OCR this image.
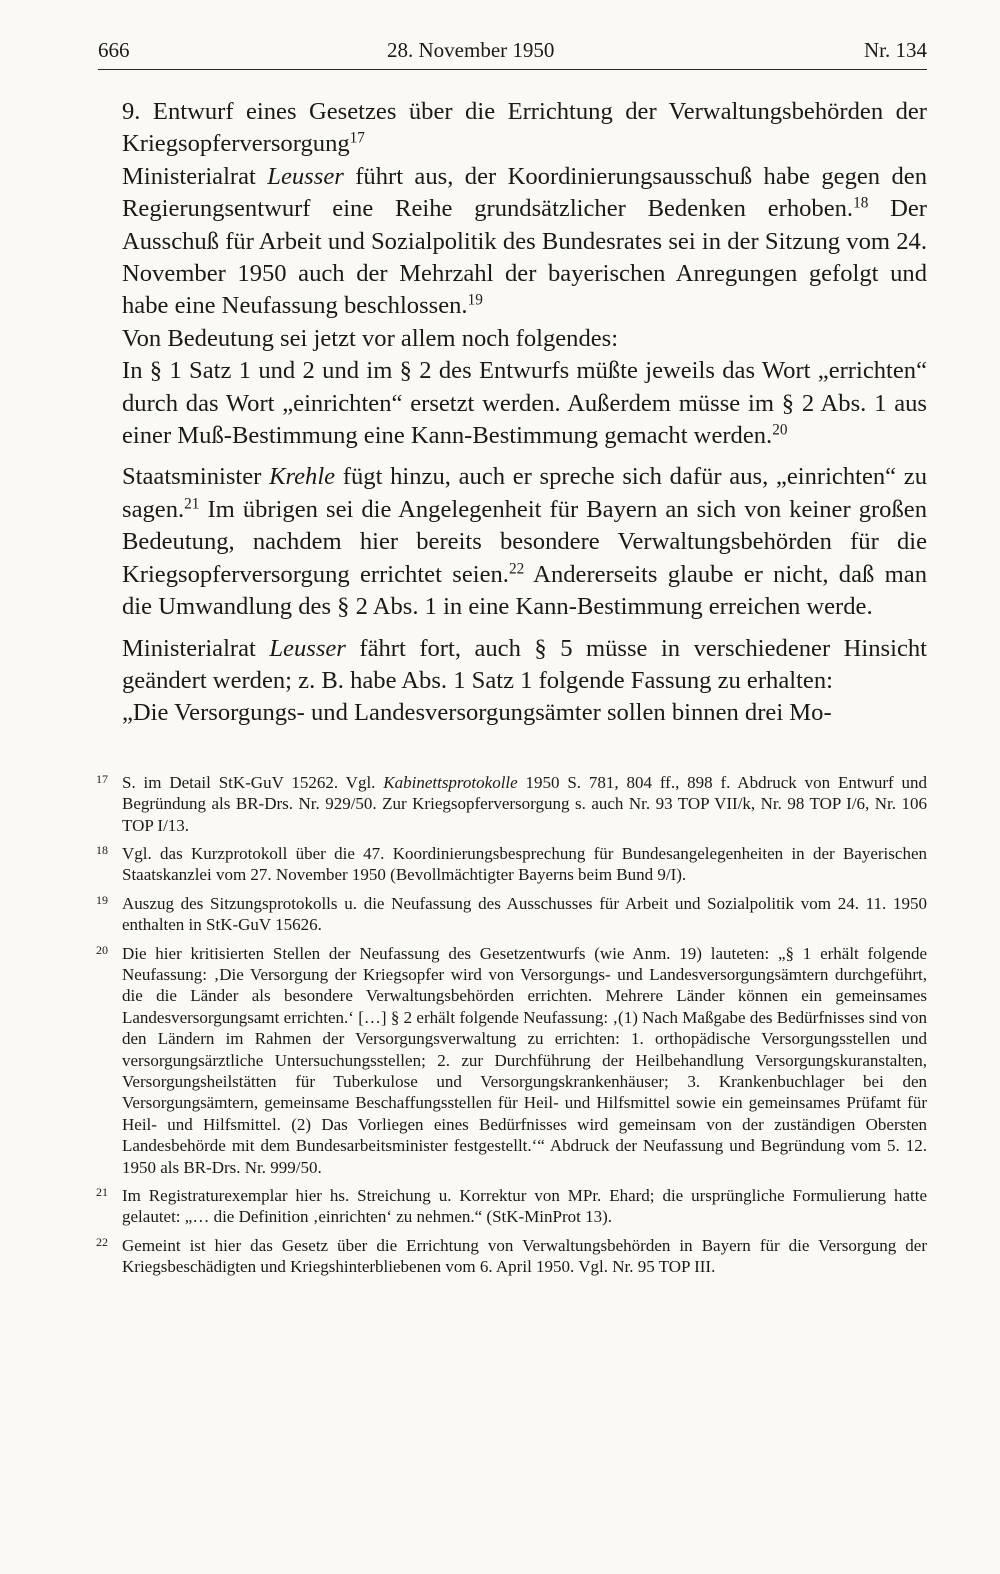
666	28. November 1950	Nr. 134

9. Entwurf eines Gesetzes über die Errichtung der Verwaltungsbehörden der Kriegsopferversorgung$^{17}$

Ministerialrat Leusser führt aus, der Koordinierungsausschuß habe gegen den Regierungsentwurf eine Reihe grundsätzlicher Bedenken erhoben.$^{18}$ Der Ausschuß für Arbeit und Sozialpolitik des Bundesrates sei in der Sitzung vom 24. November 1950 auch der Mehrzahl der bayerischen Anregungen gefolgt und habe eine Neufassung beschlossen.$^{19}$

Von Bedeutung sei jetzt vor allem noch folgendes:

In § 1 Satz 1 und 2 und im § 2 des Entwurfs müßte jeweils das Wort „errichten“ durch das Wort „einrichten“ ersetzt werden. Außerdem müsse im § 2 Abs. 1 aus einer Muß-Bestimmung eine Kann-Bestimmung gemacht werden.$^{20}$

Staatsminister Krehle fügt hinzu, auch er spreche sich dafür aus, „einrichten“ zu sagen.$^{21}$ Im übrigen sei die Angelegenheit für Bayern an sich von keiner großen Bedeutung, nachdem hier bereits besondere Verwaltungsbehörden für die Kriegsopferversorgung errichtet seien.$^{22}$ Andererseits glaube er nicht, daß man die Umwandlung des § 2 Abs. 1 in eine Kann-Bestimmung erreichen werde.

Ministerialrat Leusser fährt fort, auch § 5 müsse in verschiedener Hinsicht geändert werden; z. B. habe Abs. 1 Satz 1 folgende Fassung zu erhalten:

„Die Versorgungs- und Landesversorgungsämter sollen binnen drei Mo-

17 S. im Detail StK-GuV 15262. Vgl. Kabinettsprotokolle 1950 S. 781, 804 ff., 898 f. Abdruck von Entwurf und Begründung als BR-Drs. Nr. 929/50. Zur Kriegsopferversorgung s. auch Nr. 93 TOP VII/k, Nr. 98 TOP I/6, Nr. 106 TOP I/13.
18 Vgl. das Kurzprotokoll über die 47. Koordinierungsbesprechung für Bundesangelegenheiten in der Bayerischen Staatskanzlei vom 27. November 1950 (Bevollmächtigter Bayerns beim Bund 9/I).
19 Auszug des Sitzungsprotokolls u. die Neufassung des Ausschusses für Arbeit und Sozialpolitik vom 24. 11. 1950 enthalten in StK-GuV 15626.
20 Die hier kritisierten Stellen der Neufassung des Gesetzentwurfs (wie Anm. 19) lauteten: „§ 1 erhält folgende Neufassung: ‚Die Versorgung der Kriegsopfer wird von Versorgungs- und Landesversorgungsämtern durchgeführt, die die Länder als besondere Verwaltungsbehörden errichten. Mehrere Länder können ein gemeinsames Landesversorgungsamt errichten.‘ […] § 2 erhält folgende Neufassung: ‚(1) Nach Maßgabe des Bedürfnisses sind von den Ländern im Rahmen der Versorgungsverwaltung zu errichten: 1. orthopädische Versorgungsstellen und versorgungsärztliche Untersuchungsstellen; 2. zur Durchführung der Heilbehandlung Versorgungskuranstalten, Versorgungsheilstätten für Tuberkulose und Versorgungskrankenhäuser; 3. Krankenbuchlager bei den Versorgungsämtern, gemeinsame Beschaffungsstellen für Heil- und Hilfsmittel sowie ein gemeinsames Prüfamt für Heil- und Hilfsmittel. (2) Das Vorliegen eines Bedürfnisses wird gemeinsam von der zuständigen Obersten Landesbehörde mit dem Bundesarbeitsminister festgestellt.‘“ Abdruck der Neufassung und Begründung vom 5. 12. 1950 als BR-Drs. Nr. 999/50.
21 Im Registraturexemplar hier hs. Streichung u. Korrektur von MPr. Ehard; die ursprüngliche Formulierung hatte gelautet: „… die Definition ‚einrichten‘ zu nehmen.“ (StK-MinProt 13).
22 Gemeint ist hier das Gesetz über die Errichtung von Verwaltungsbehörden in Bayern für die Versorgung der Kriegsbeschädigten und Kriegshinterbliebenen vom 6. April 1950. Vgl. Nr. 95 TOP III.
